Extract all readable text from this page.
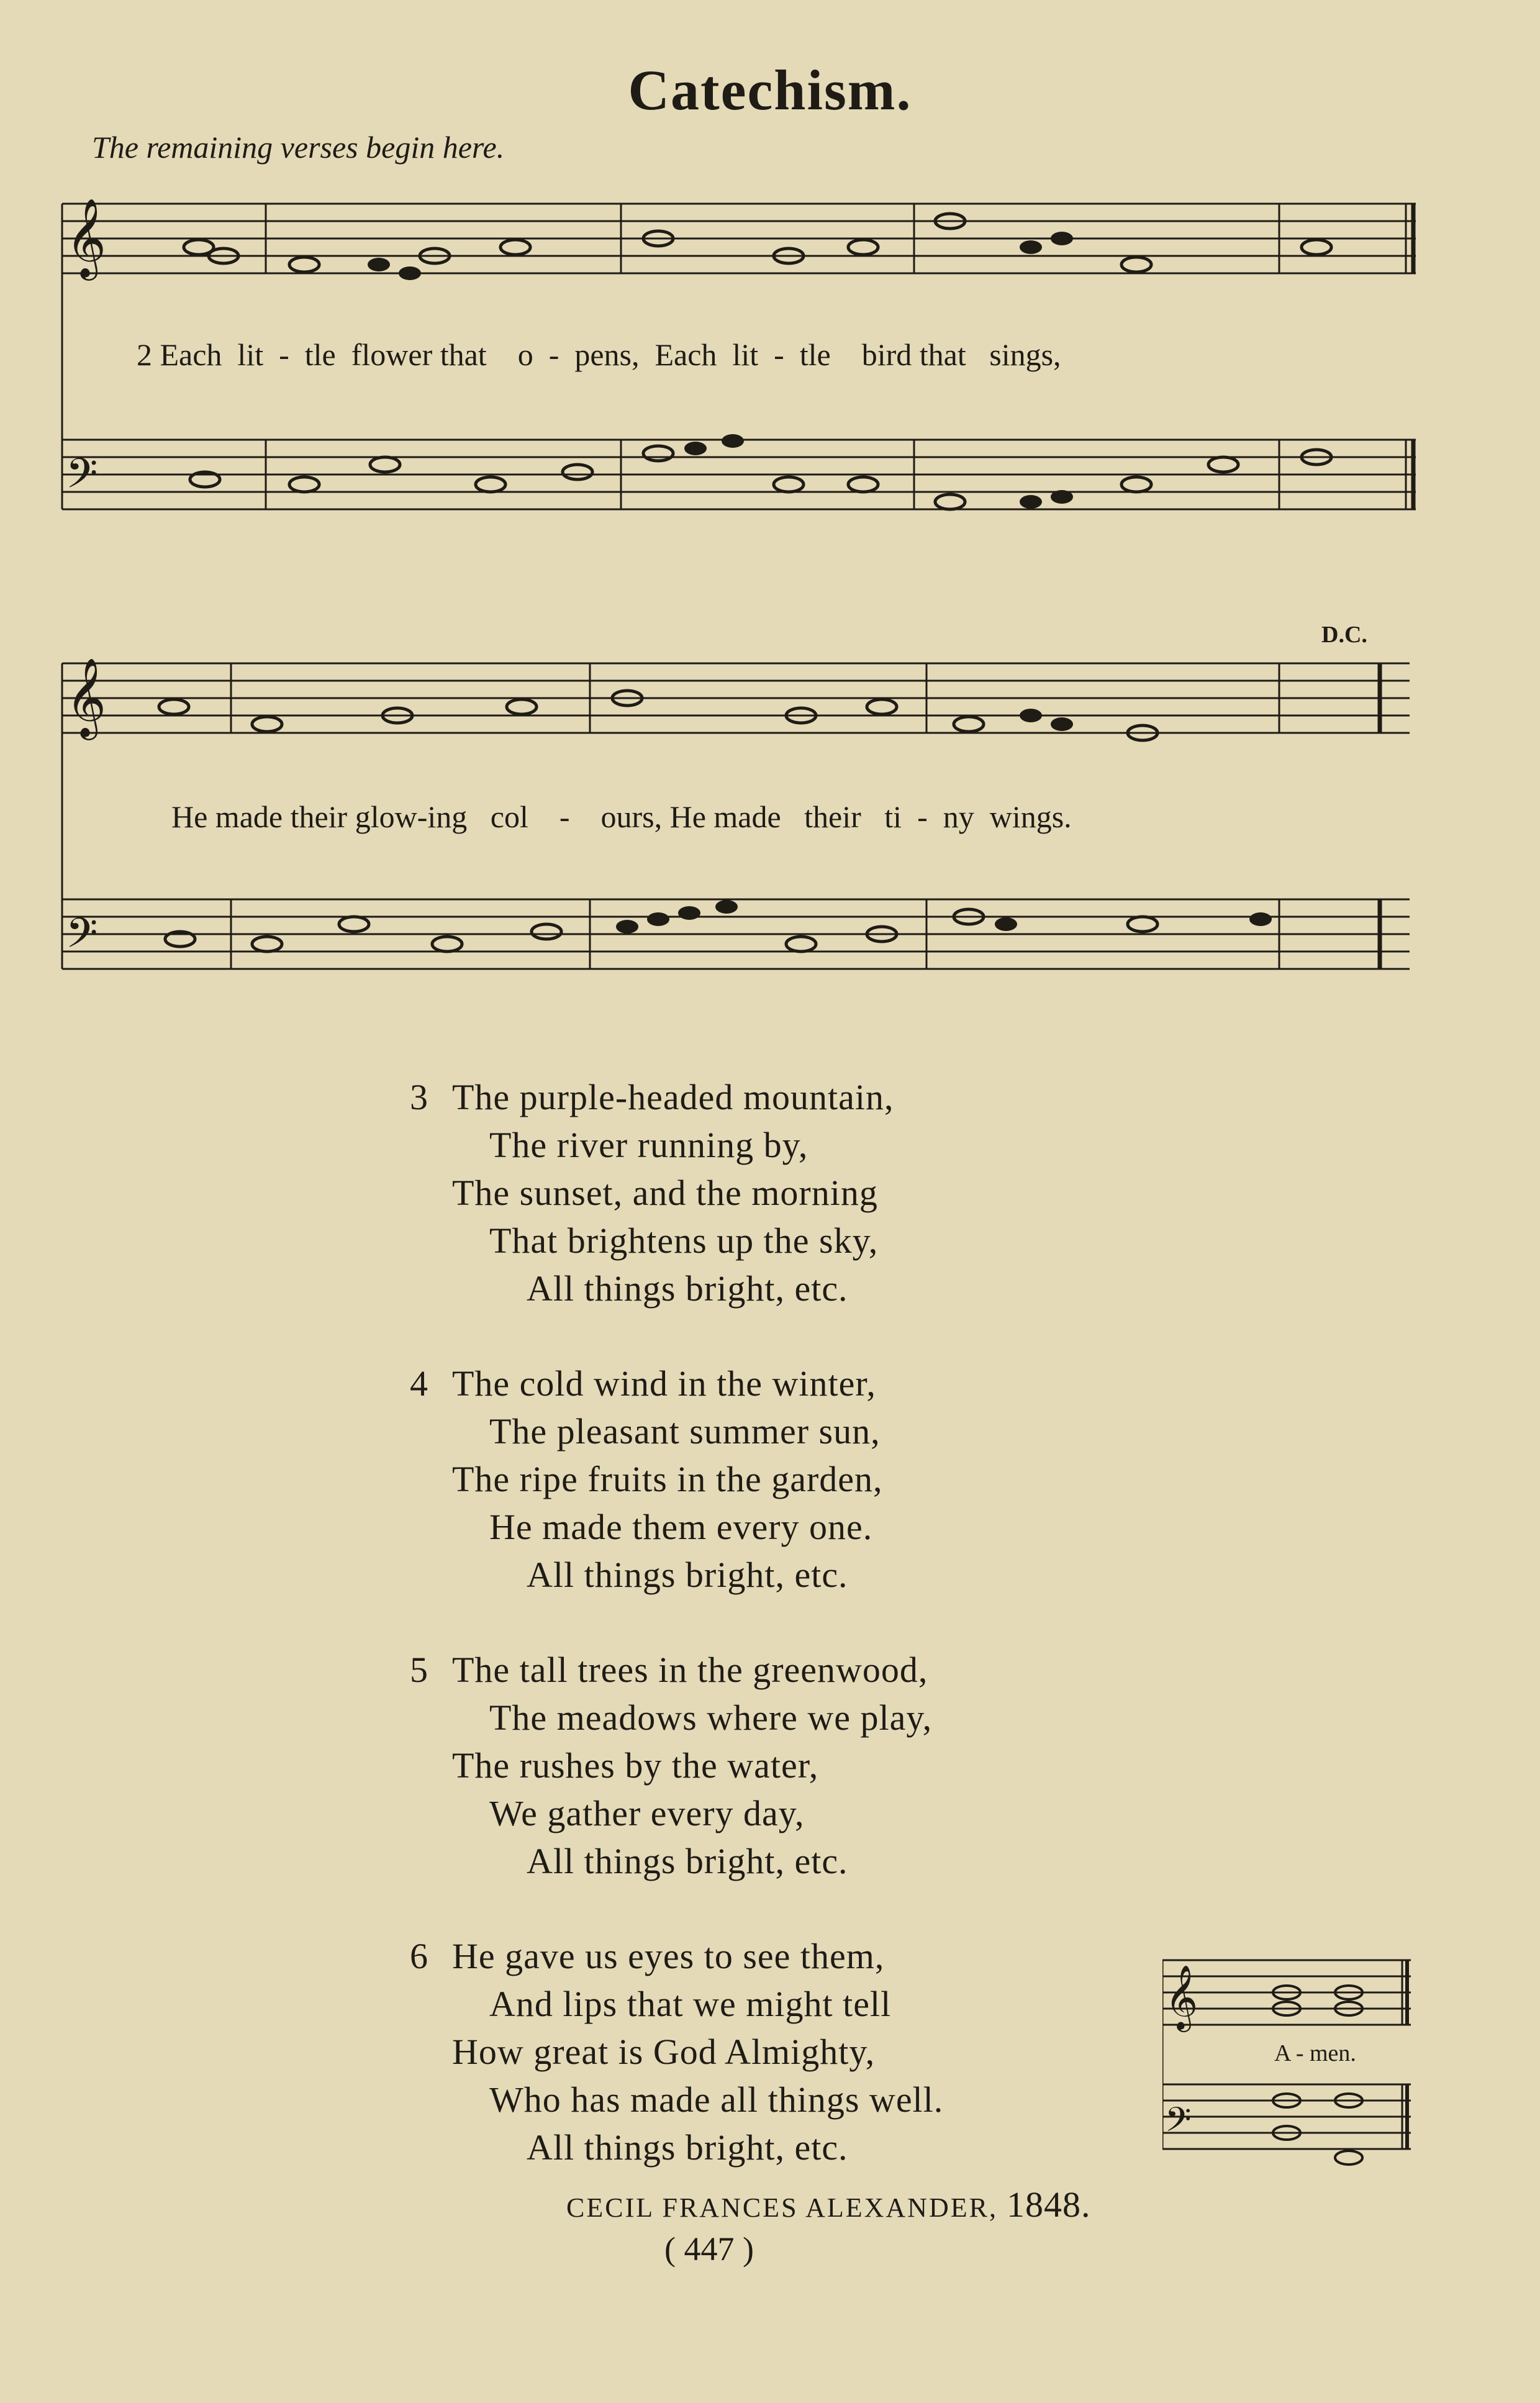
Catechism.
The remaining verses begin here.
𝄞
𝄢
2 Each  lit  -  tle  flower that    o  -  pens,  Each  lit  -  tle    bird that   sings,
𝄞
𝄢
D.C.
He made their glow-ing   col    -    ours, He made   their   ti  -  ny  wings.
3 The purple-headed mountain,
The river running by,
The sunset, and the morning
That brightens up the sky,
All things bright, etc.
4 The cold wind in the winter,
The pleasant summer sun,
The ripe fruits in the garden,
He made them every one.
All things bright, etc.
5 The tall trees in the greenwood,
The meadows where we play,
The rushes by the water,
We gather every day,
All things bright, etc.
6 He gave us eyes to see them,
And lips that we might tell
How great is God Almighty,
Who has made all things well.
All things bright, etc.
𝄞
𝄢
A - men.
CECIL FRANCES ALEXANDER, 1848.
( 447 )
